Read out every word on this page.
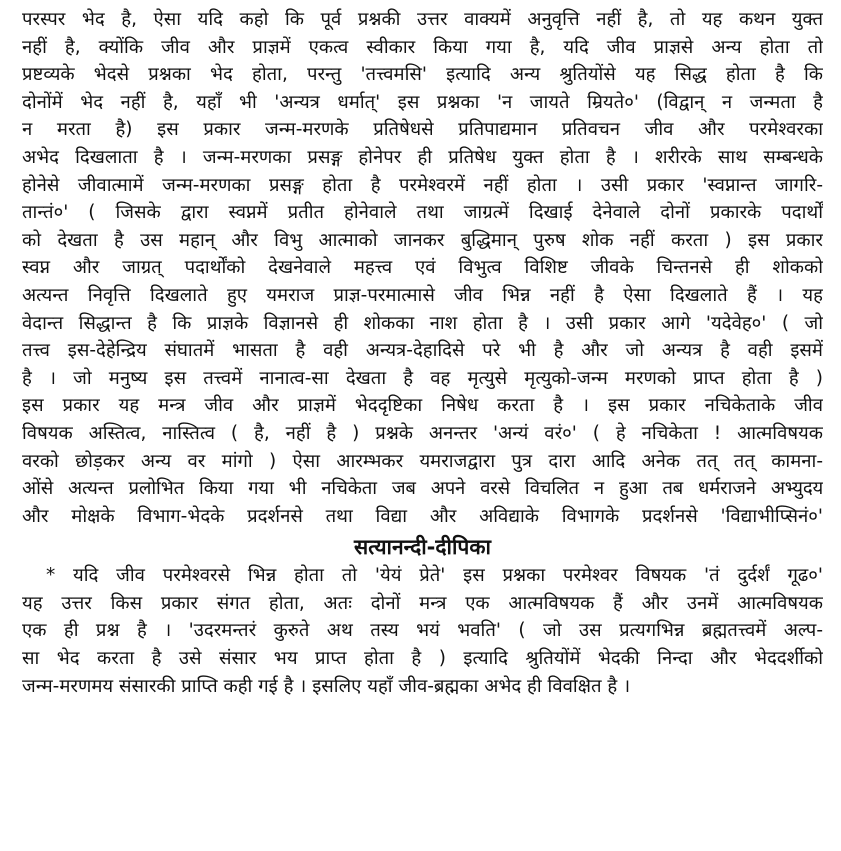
परस्पर भेद है, ऐसा यदि कहो कि पूर्व प्रश्नकी उत्तर वाक्यमें अनुवृत्ति नहीं है, तो यह कथन युक्त
नहीं है, क्योंकि जीव और प्राज्ञमें एकत्व स्वीकार किया गया है, यदि जीव प्राज्ञसे अन्य होता तो
प्रष्टव्यके भेदसे प्रश्नका भेद होता, परन्तु 'तत्त्वमसि' इत्यादि अन्य श्रुतियोंसे यह सिद्ध होता है कि
दोनोंमें भेद नहीं है, यहाँ भी 'अन्यत्र धर्मात्' इस प्रश्नका 'न जायते म्रियते०' (विद्वान् न जन्मता है
न मरता है) इस प्रकार जन्म-मरणके प्रतिषेधसे प्रतिपाद्यमान प्रतिवचन जीव और परमेश्वरका
अभेद दिखलाता है । जन्म-मरणका प्रसङ्ग होनेपर ही प्रतिषेध युक्त होता है । शरीरके साथ सम्बन्धके
होनेसे जीवात्मामें जन्म-मरणका प्रसङ्ग होता है परमेश्वरमें नहीं होता । उसी प्रकार 'स्वप्नान्त जागरि-
तान्तं०' ( जिसके द्वारा स्वप्नमें प्रतीत होनेवाले तथा जाग्रत्में दिखाई देनेवाले दोनों प्रकारके पदार्थों
को देखता है उस महान् और विभु आत्माको जानकर बुद्धिमान् पुरुष शोक नहीं करता ) इस प्रकार
स्वप्न और जाग्रत् पदार्थोंको देखनेवाले महत्त्व एवं विभुत्व विशिष्ट जीवके चिन्तनसे ही शोकको
अत्यन्त निवृत्ति दिखलाते हुए यमराज प्राज्ञ-परमात्मासे जीव भिन्न नहीं है ऐसा दिखलाते हैं । यह
वेदान्त सिद्धान्त है कि प्राज्ञके विज्ञानसे ही शोकका नाश होता है । उसी प्रकार आगे 'यदेवेह०' ( जो
तत्त्व इस-देहेन्द्रिय संघातमें भासता है वही अन्यत्र-देहादिसे परे भी है और जो अन्यत्र है वही इसमें
है । जो मनुष्य इस तत्त्वमें नानात्व-सा देखता है वह मृत्युसे मृत्युको-जन्म मरणको प्राप्त होता है )
इस प्रकार यह मन्त्र जीव और प्राज्ञमें भेददृष्टिका निषेध करता है । इस प्रकार नचिकेताके जीव
विषयक अस्तित्व, नास्तित्व ( है, नहीं है ) प्रश्नके अनन्तर 'अन्यं वरं०' ( हे नचिकेता ! आत्मविषयक
वरको छोड़कर अन्य वर मांगो ) ऐसा आरम्भकर यमराजद्वारा पुत्र दारा आदि अनेक तत् तत् कामना-
ओंसे अत्यन्त प्रलोभित किया गया भी नचिकेता जब अपने वरसे विचलित न हुआ तब धर्मराजने अभ्युदय
और मोक्षके विभाग-भेदके प्रदर्शनसे तथा विद्या और अविद्याके विभागके प्रदर्शनसे 'विद्याभीप्सिनं०'
सत्यानन्दी-दीपिका
* यदि जीव परमेश्वरसे भिन्न होता तो 'येयं प्रेते' इस प्रश्नका परमेश्वर विषयक 'तं दुर्दर्शं गूढ०'
यह उत्तर किस प्रकार संगत होता, अतः दोनों मन्त्र एक आत्मविषयक हैं और उनमें आत्मविषयक
एक ही प्रश्न है । 'उदरमन्तरं कुरुते अथ तस्य भयं भवति' ( जो उस प्रत्यगभिन्न ब्रह्मतत्त्वमें अल्प-
सा भेद करता है उसे संसार भय प्राप्त होता है ) इत्यादि श्रुतियोंमें भेदकी निन्दा और भेददर्शीको
जन्म-मरणमय संसारकी प्राप्ति कही गई है । इसलिए यहाँ जीव-ब्रह्मका अभेद ही विवक्षित है ।
